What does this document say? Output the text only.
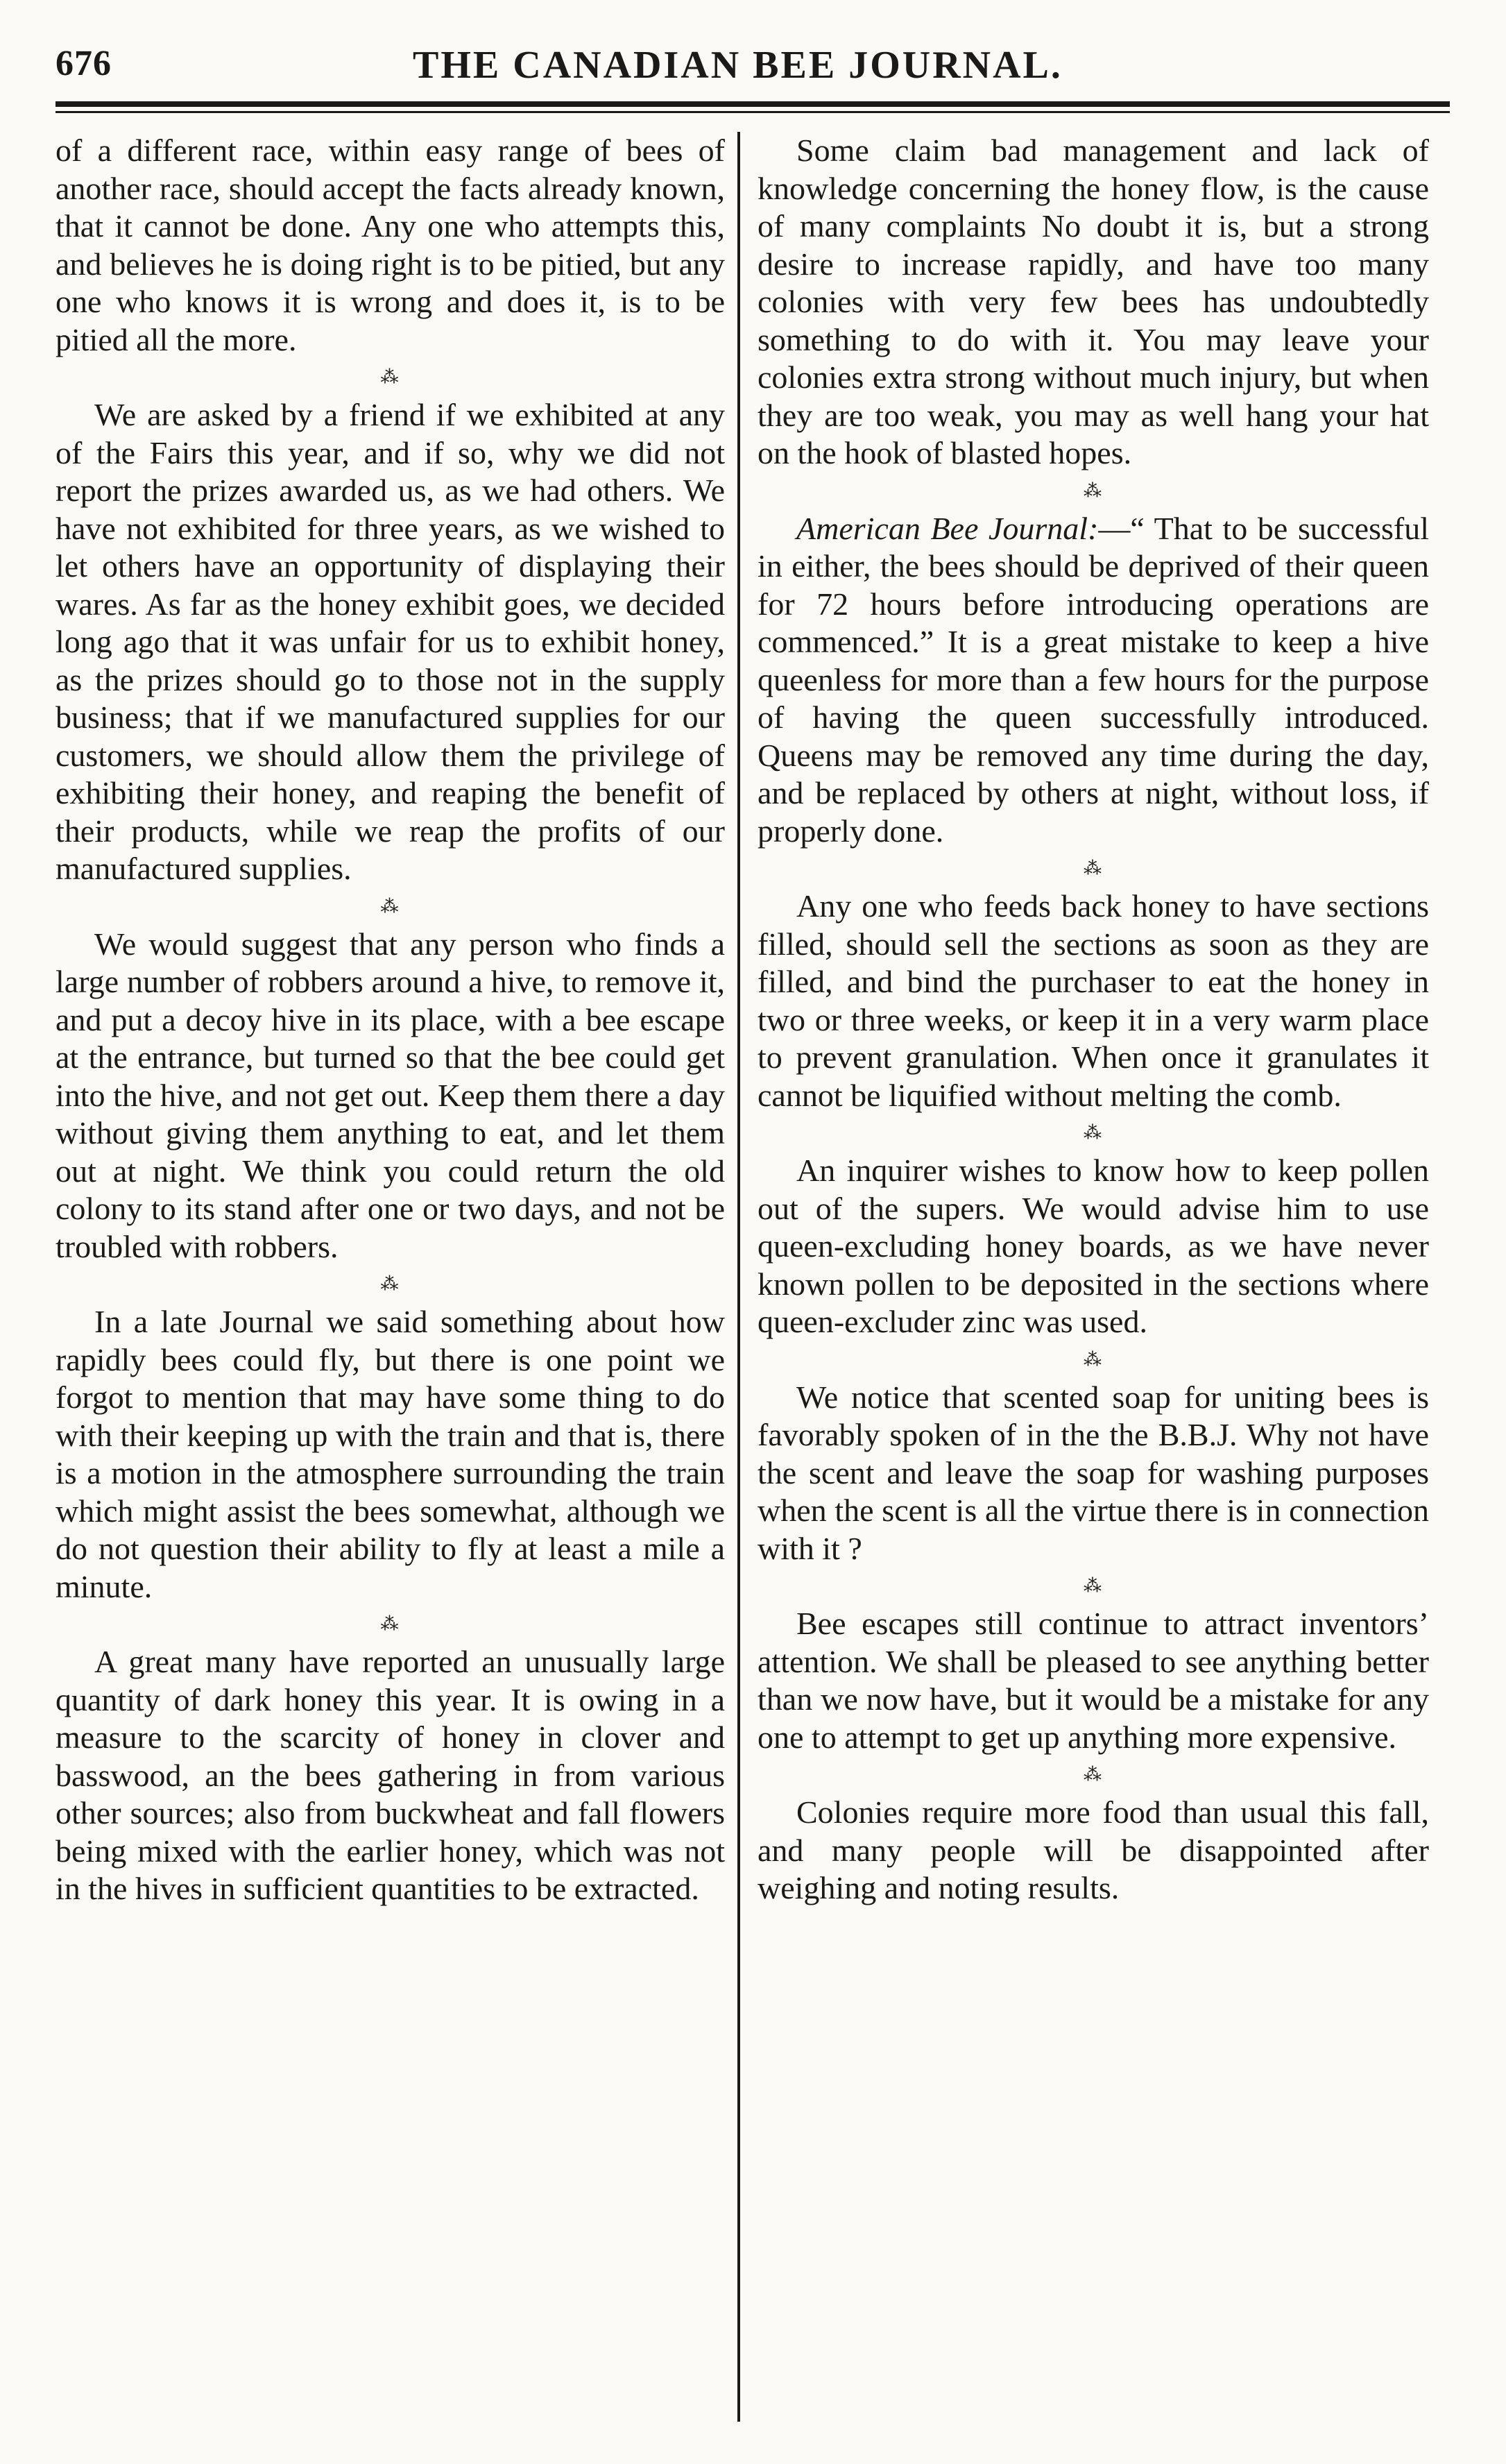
676	THE CANADIAN BEE JOURNAL.

of a different race, within easy range of bees of another race, should accept the facts already known, that it cannot be done. Any one who attempts this, and believes he is doing right is to be pitied, but any one who knows it is wrong and does it, is to be pitied all the more.

⁂

We are asked by a friend if we exhibited at any of the Fairs this year, and if so, why we did not report the prizes awarded us, as we had others. We have not exhibited for three years, as we wished to let others have an opportunity of displaying their wares. As far as the honey exhibit goes, we decided long ago that it was unfair for us to exhibit honey, as the prizes should go to those not in the supply business; that if we manufactured supplies for our customers, we should allow them the privilege of exhibiting their honey, and reaping the benefit of their products, while we reap the profits of our manufactured supplies.

⁂

We would suggest that any person who finds a large number of robbers around a hive, to remove it, and put a decoy hive in its place, with a bee escape at the entrance, but turned so that the bee could get into the hive, and not get out. Keep them there a day without giving them anything to eat, and let them out at night. We think you could return the old colony to its stand after one or two days, and not be troubled with robbers.

⁂

In a late Journal we said something about how rapidly bees could fly, but there is one point we forgot to mention that may have some thing to do with their keeping up with the train and that is, there is a motion in the atmosphere surrounding the train which might assist the bees somewhat, although we do not question their ability to fly at least a mile a minute.

⁂

A great many have reported an unusually large quantity of dark honey this year. It is owing in a measure to the scarcity of honey in clover and basswood, an the bees gathering in from various other sources; also from buckwheat and fall flowers being mixed with the earlier honey, which was not in the hives in sufficient quantities to be extracted.

Some claim bad management and lack of knowledge concerning the honey flow, is the cause of many complaints No doubt it is, but a strong desire to increase rapidly, and have too many colonies with very few bees has undoubtedly something to do with it. You may leave your colonies extra strong without much injury, but when they are too weak, you may as well hang your hat on the hook of blasted hopes.

⁂

American Bee Journal:—“ That to be successful in either, the bees should be deprived of their queen for 72 hours before introducing operations are commenced.” It is a great mistake to keep a hive queenless for more than a few hours for the purpose of having the queen successfully introduced. Queens may be removed any time during the day, and be replaced by others at night, without loss, if properly done.

⁂

Any one who feeds back honey to have sections filled, should sell the sections as soon as they are filled, and bind the purchaser to eat the honey in two or three weeks, or keep it in a very warm place to prevent granulation. When once it granulates it cannot be liquified without melting the comb.

⁂

An inquirer wishes to know how to keep pollen out of the supers. We would advise him to use queen-excluding honey boards, as we have never known pollen to be deposited in the sections where queen-excluder zinc was used.

⁂

We notice that scented soap for uniting bees is favorably spoken of in the the B.B.J. Why not have the scent and leave the soap for washing purposes when the scent is all the virtue there is in connection with it ?

⁂

Bee escapes still continue to attract inventors’ attention. We shall be pleased to see anything better than we now have, but it would be a mistake for any one to attempt to get up anything more expensive.

⁂

Colonies require more food than usual this fall, and many people will be disappointed after weighing and noting results.
